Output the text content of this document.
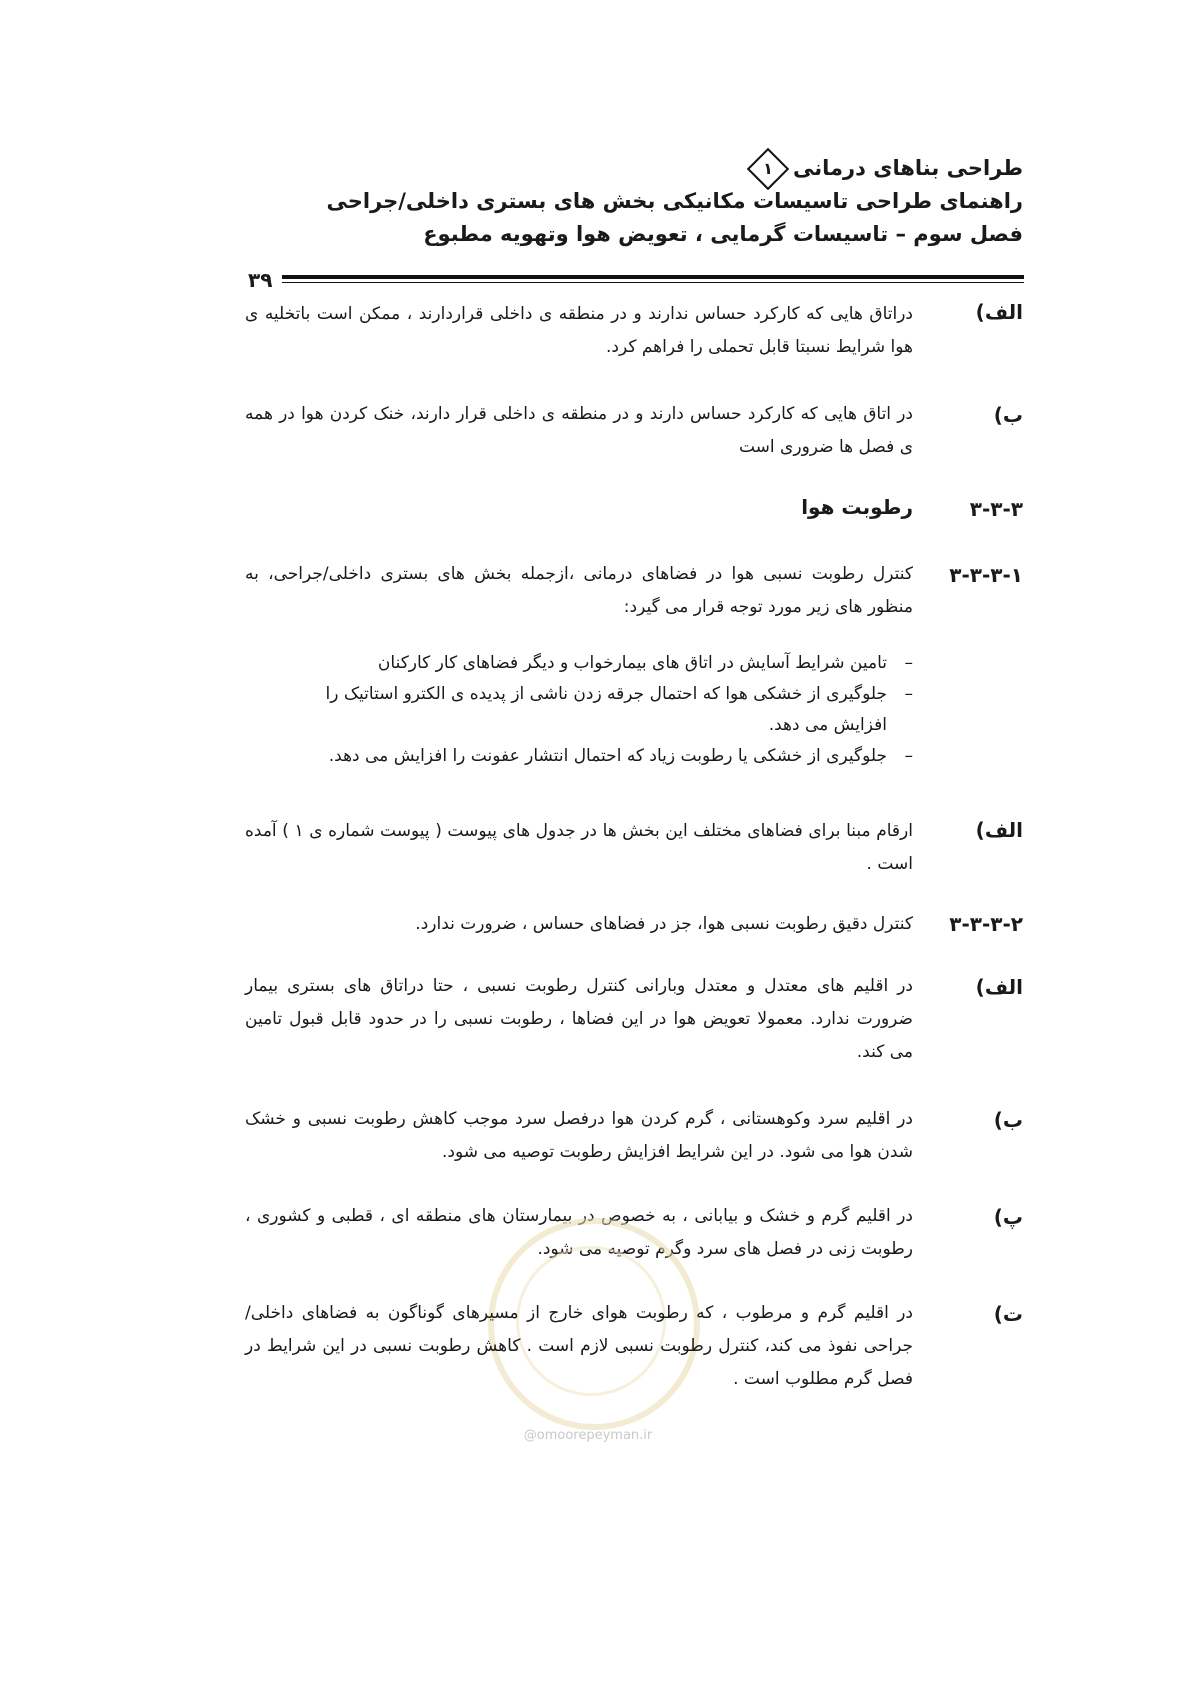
طراحی بناهای درمانی
۱
راهنمای طراحی تاسیسات مکانیکی بخش های بستری داخلی/جراحی
فصل سوم – تاسیسات گرمایی ، تعویض هوا وتهویه مطبوع
۳۹
الف)
دراتاق هایی که کارکرد حساس ندارند و در منطقه ی داخلی قراردارند ، ممکن است باتخلیه ی هوا شرایط نسبتا قابل تحملی را فراهم کرد.
ب)
در اتاق هایی که کارکرد حساس دارند و در منطقه ی داخلی قرار دارند، خنک کردن هوا در همه ی فصل ها ضروری است
۳-۳-۳
رطوبت هوا
۳-۳-۳-۱
کنترل رطوبت نسبی هوا در فضاهای درمانی ،ازجمله بخش های بستری داخلی/جراحی، به منظور های زیر مورد توجه قرار می گیرد:
–
تامین شرایط آسایش در اتاق های بیمارخواب و دیگر فضاهای کار کارکنان
–
جلوگیری از خشکی هوا که احتمال جرقه زدن ناشی از پدیده ی الکترو استاتیک را افزایش می دهد.
–
جلوگیری از خشکی یا رطوبت زیاد که احتمال انتشار عفونت را افزایش می دهد.
الف)
ارقام مبنا برای فضاهای مختلف این بخش ها در جدول های پیوست ( پیوست شماره ی ۱ ) آمده است .
۳-۳-۳-۲
کنترل دقیق رطوبت نسبی هوا، جز در فضاهای حساس ، ضرورت ندارد.
الف)
در اقلیم های معتدل و معتدل وبارانی کنترل رطوبت نسبی ، حتا دراتاق های بستری بیمار ضرورت ندارد. معمولا تعویض هوا در این فضاها ، رطوبت نسبی را در حدود قابل قبول تامین می کند.
ب)
در اقلیم سرد وکوهستانی ، گرم کردن هوا درفصل سرد موجب کاهش رطوبت نسبی و خشک شدن هوا می شود. در این شرایط افزایش رطوبت توصیه می شود.
پ)
در اقلیم گرم و خشک و بیابانی ، به خصوص در بیمارستان های منطقه ای ، قطبی و کشوری ، رطوبت زنی در فصل های سرد وگرم توصیه می شود.
@omoorepeyman.ir
ت)
در اقلیم گرم و مرطوب ، که رطوبت هوای خارج از مسیرهای گوناگون به فضاهای داخلی/ جراحی نفوذ می کند، کنترل رطوبت نسبی لازم است . کاهش رطوبت نسبی در این شرایط در فصل گرم مطلوب است .
